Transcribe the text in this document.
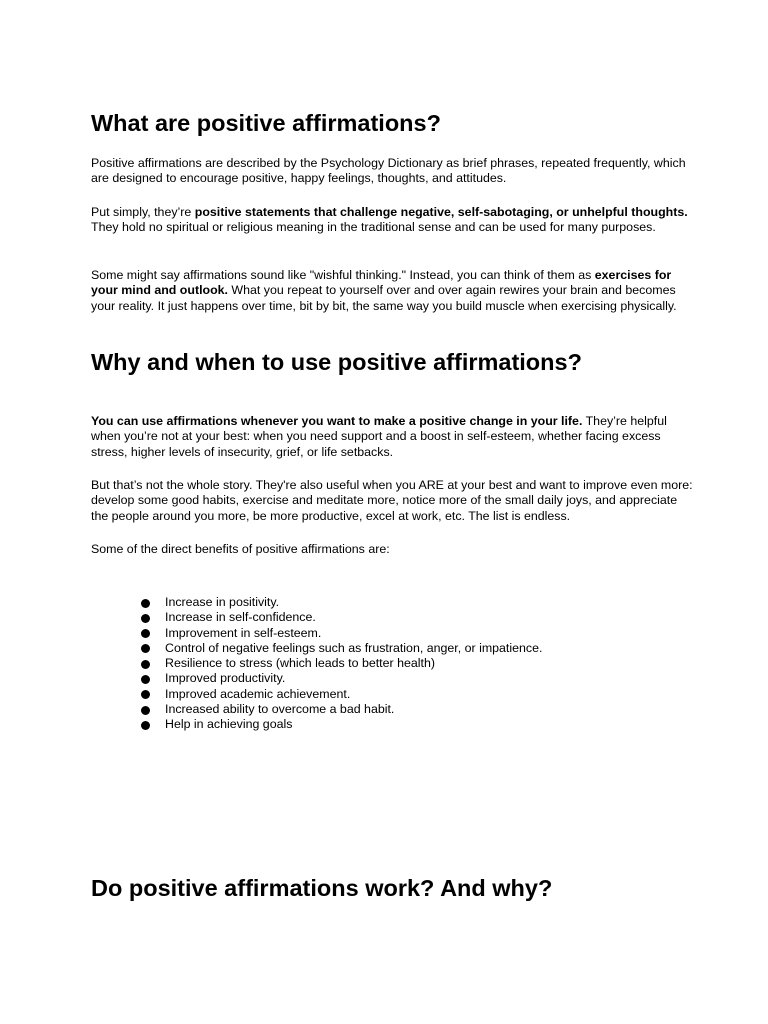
What are positive affirmations?

Positive affirmations are described by the Psychology Dictionary as brief phrases, repeated frequently, which are designed to encourage positive, happy feelings, thoughts, and attitudes.

Put simply, they’re positive statements that challenge negative, self-sabotaging, or unhelpful thoughts. They hold no spiritual or religious meaning in the traditional sense and can be used for many purposes.

Some might say affirmations sound like "wishful thinking." Instead, you can think of them as exercises for your mind and outlook. What you repeat to yourself over and over again rewires your brain and becomes your reality. It just happens over time, bit by bit, the same way you build muscle when exercising physically.

Why and when to use positive affirmations?

You can use affirmations whenever you want to make a positive change in your life. They’re helpful when you’re not at your best: when you need support and a boost in self-esteem, whether facing excess stress, higher levels of insecurity, grief, or life setbacks.

But that’s not the whole story. They're also useful when you ARE at your best and want to improve even more: develop some good habits, exercise and meditate more, notice more of the small daily joys, and appreciate the people around you more, be more productive, excel at work, etc. The list is endless.

Some of the direct benefits of positive affirmations are:

Increase in positivity.
Increase in self-confidence.
Improvement in self-esteem.
Control of negative feelings such as frustration, anger, or impatience.
Resilience to stress (which leads to better health)
Improved productivity.
Improved academic achievement.
Increased ability to overcome a bad habit.
Help in achieving goals
Do positive affirmations work? And why?
